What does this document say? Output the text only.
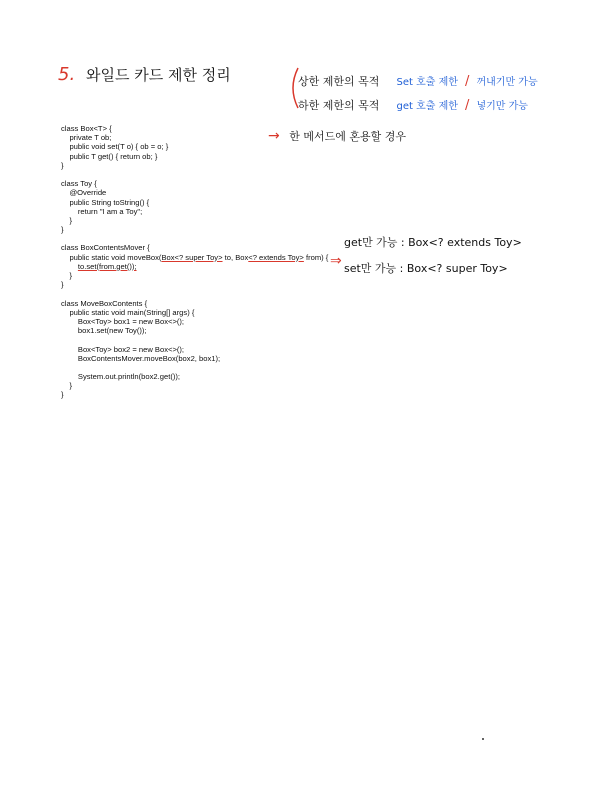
5. 와일드 카드 제한 정리	상한 제한의 목적 Set 호출 제한 / 꺼내기만 가능
하한 제한의 목적 get 호출 제한 / 넣기만 가능
→ 한 메서드에 혼용할 경우
⇒
get만 가능 : Box<? extends Toy>
set만 가능 : Box<? super Toy>
class Box<T> {
private T ob;
public void set(T o) { ob = o; }
public T get() { return ob; }
}
class Toy {
@Override
public String toString() {
return "I am a Toy";
}
}
class BoxContentsMover {
public static void moveBox(Box<? super Toy> to, Box<? extends Toy> from) {
to.set(from.get());
}
}
class MoveBoxContents {
public static void main(String[] args) {
Box<Toy> box1 = new Box<>();
box1.set(new Toy());
Box<Toy> box2 = new Box<>();
BoxContentsMover.moveBox(box2, box1);
System.out.println(box2.get());
}
}
